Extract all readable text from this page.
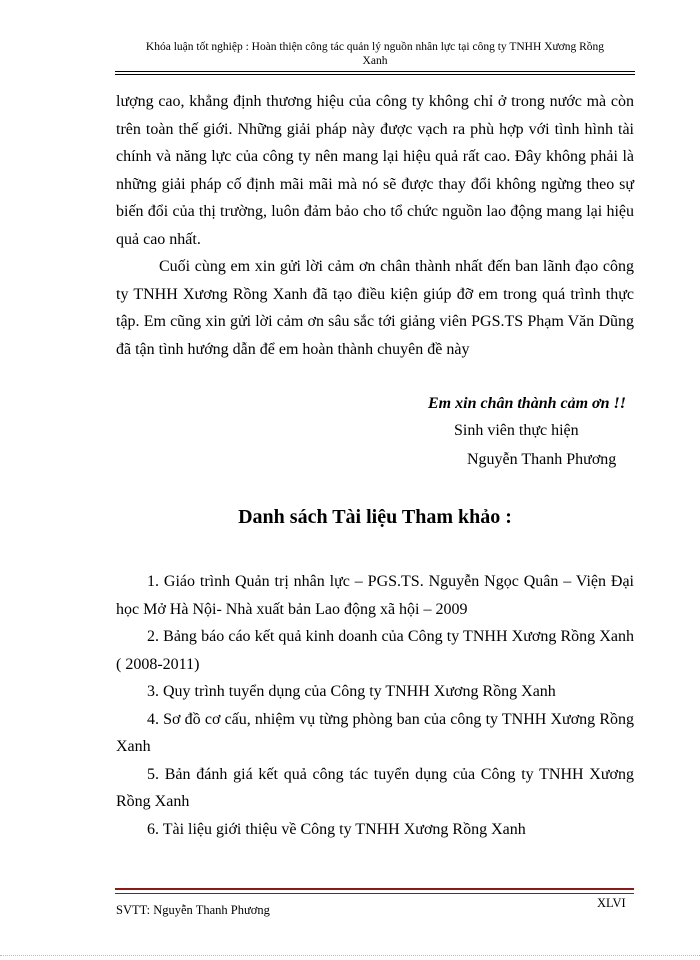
Khóa luận tốt nghiệp : Hoàn thiện công tác quản lý nguồn nhân lực tại công ty TNHH Xương Rồng
Xanh

lượng cao, khẳng định thương hiệu của công ty không chỉ ở trong nước mà còn trên toàn thế giới. Những giải pháp này được vạch ra phù hợp với tình hình tài chính và năng lực của công ty nên mang lại hiệu quả rất cao. Đây không phải là những giải pháp cố định mãi mãi mà nó sẽ được thay đổi không ngừng theo sự biến đổi của thị trường, luôn đảm bảo cho tổ chức nguồn lao động mang lại hiệu quả cao nhất.

Cuối cùng em xin gửi lời cảm ơn chân thành nhất đến ban lãnh đạo công ty TNHH Xương Rồng Xanh đã tạo điều kiện giúp đỡ em trong quá trình thực tập. Em cũng xin gửi lời cảm ơn sâu sắc tới giảng viên PGS.TS Phạm Văn Dũng đã tận tình hướng dẫn để em hoàn thành chuyên đề này

Em xin chân thành cảm ơn !!
Sinh viên thực hiện
Nguyễn Thanh Phương
Danh sách Tài liệu Tham khảo :

1. Giáo trình Quản trị nhân lực – PGS.TS. Nguyễn Ngọc Quân – Viện Đại học Mở Hà Nội- Nhà xuất bản Lao động xã hội – 2009

2. Bảng báo cáo kết quả kinh doanh của Công ty TNHH Xương Rồng Xanh ( 2008-2011)

3. Quy trình tuyển dụng của Công ty TNHH Xương Rồng Xanh

4. Sơ đồ cơ cấu, nhiệm vụ từng phòng ban của công ty TNHH Xương Rồng Xanh

5. Bản đánh giá kết quả công tác tuyển dụng của Công ty TNHH Xương Rồng Xanh

6. Tài liệu giới thiệu về Công ty TNHH Xương Rồng Xanh

SVTT: Nguyễn Thanh Phương	XLVI
